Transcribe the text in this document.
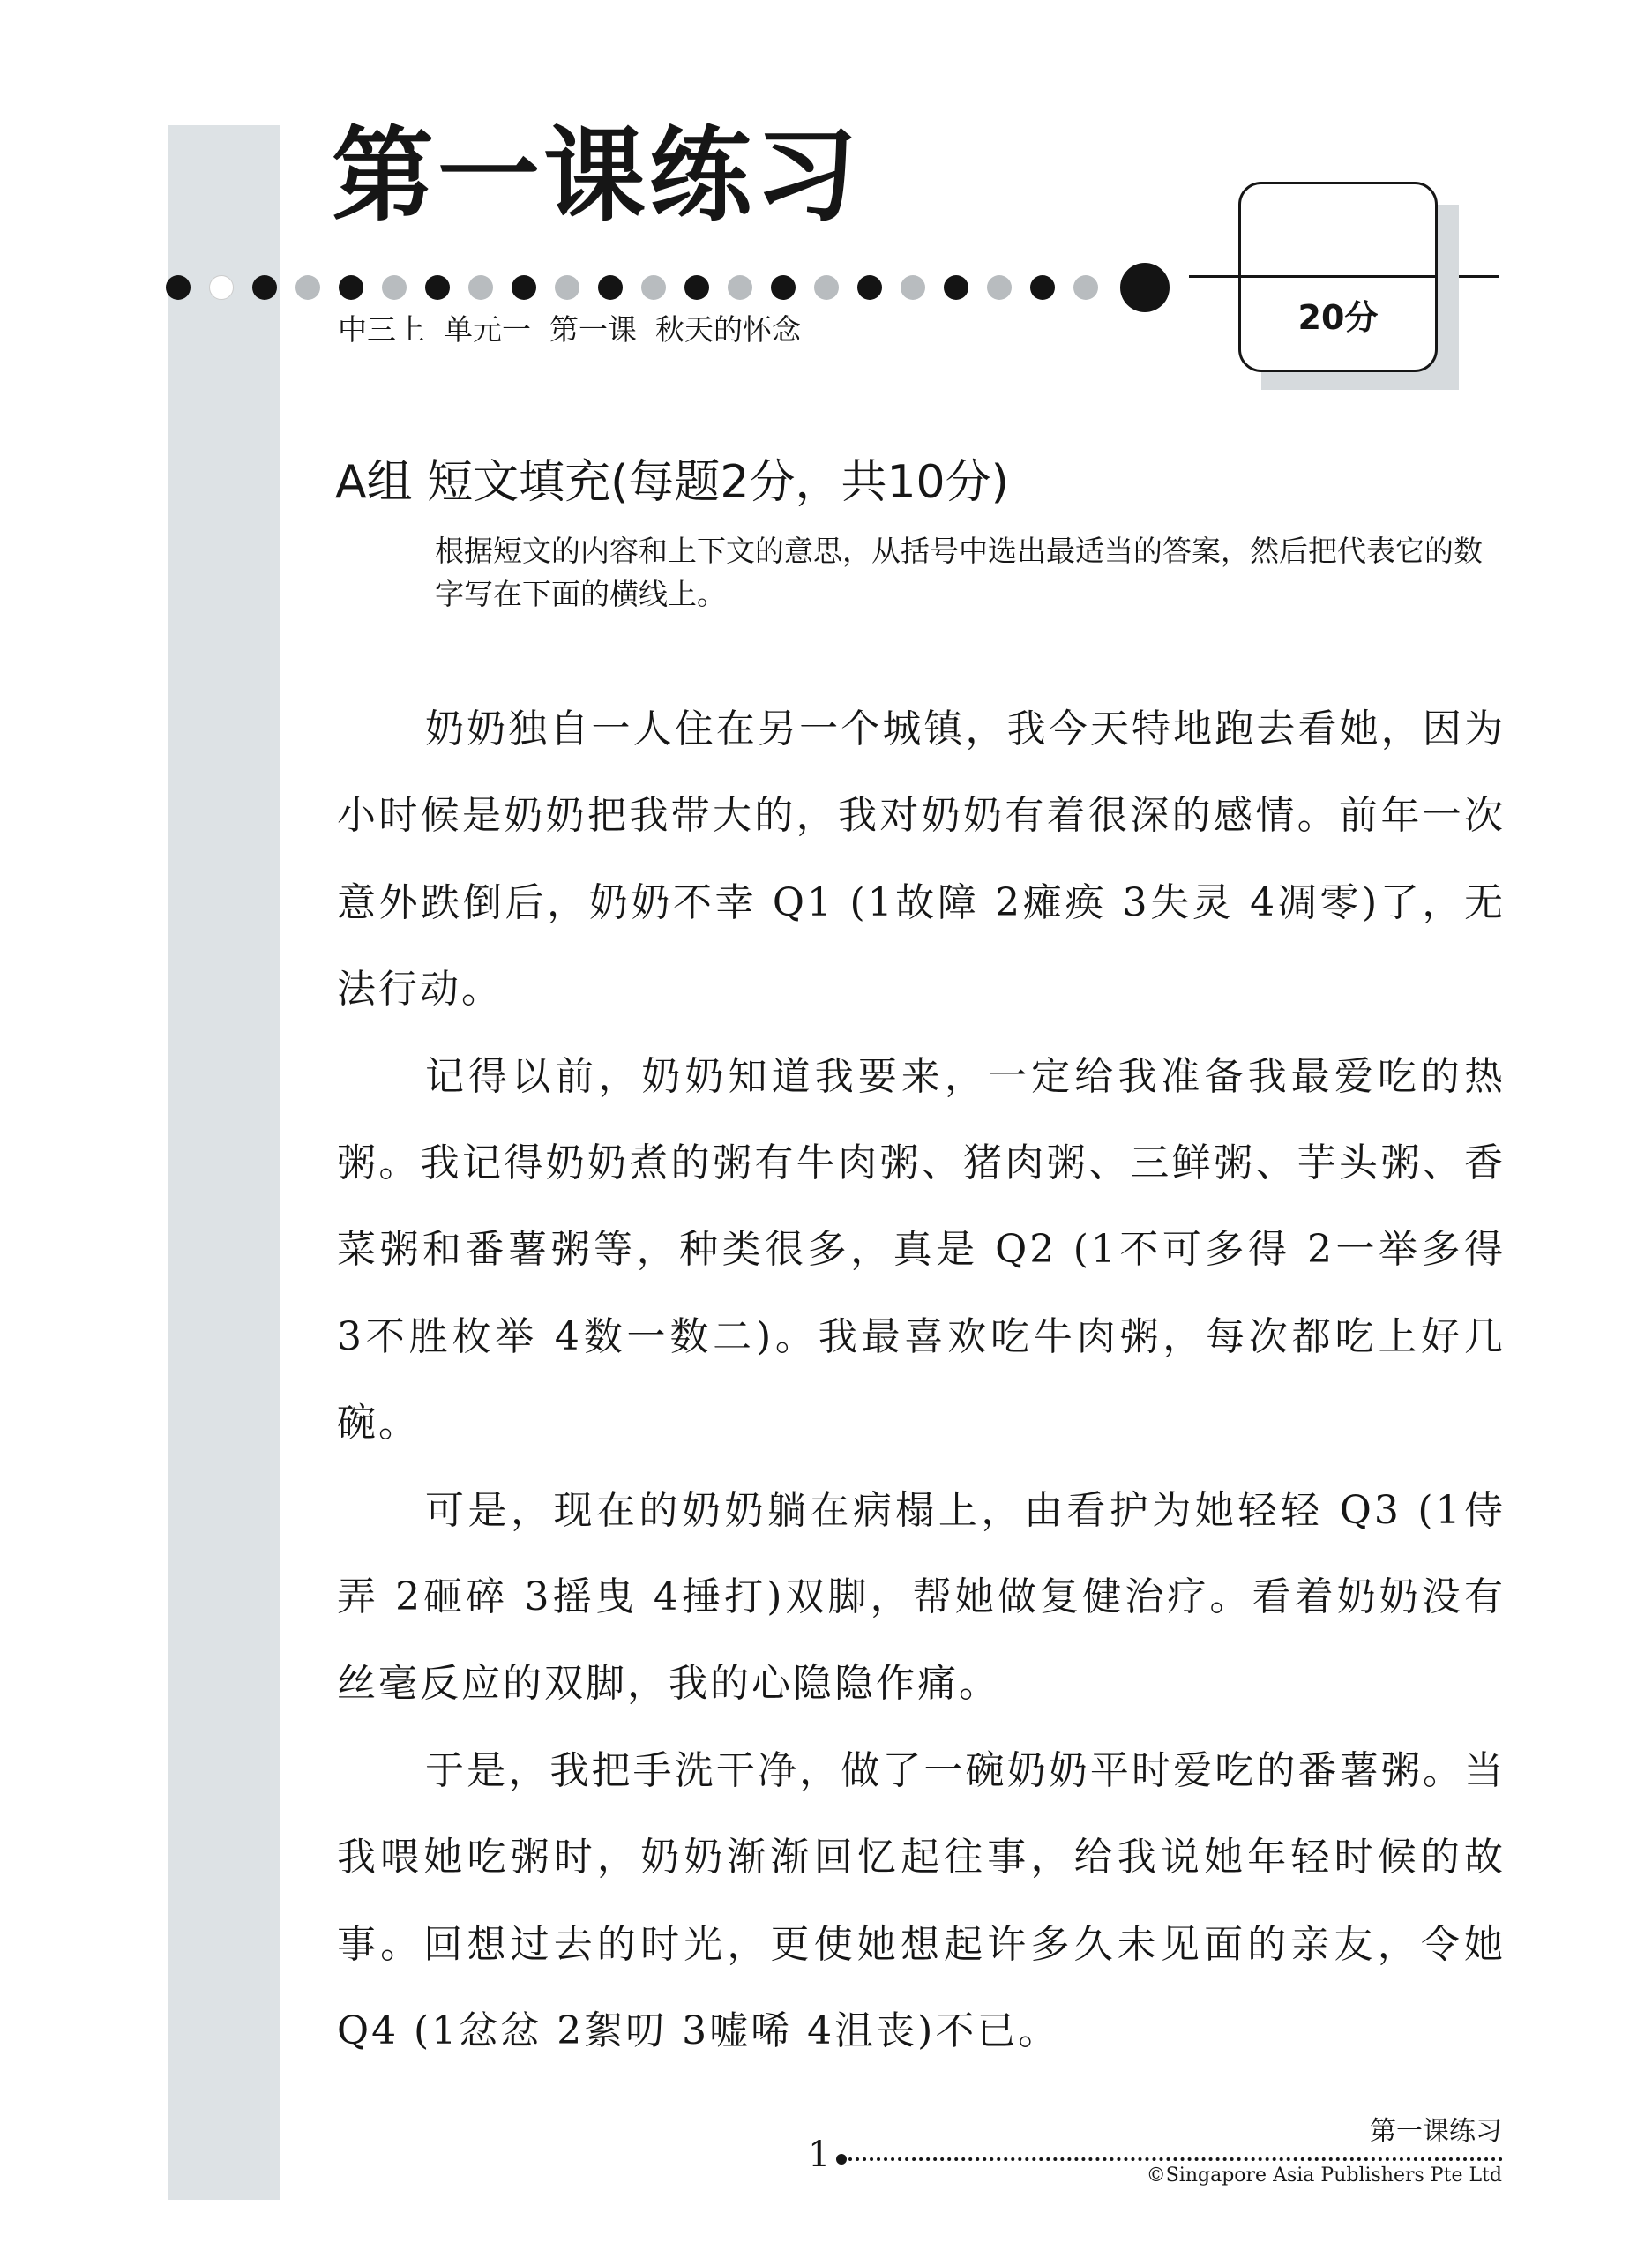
第一课练习
20分
中三上  单元一  第一课  秋天的怀念
A组 短文填充(每题2分，共10分)

根据短文的内容和上下文的意思，从括号中选出最适当的答案，然后把代表它的数字写在下面的横线上。

奶奶独自一人住在另一个城镇，我今天特地跑去看她，因为小时候是奶奶把我带大的，我对奶奶有着很深的感情。前年一次意外跌倒后，奶奶不幸 Q1 (1故障 2瘫痪 3失灵 4凋零)了，无法行动。

记得以前，奶奶知道我要来，一定给我准备我最爱吃的热粥。我记得奶奶煮的粥有牛肉粥、猪肉粥、三鲜粥、芋头粥、香菜粥和番薯粥等，种类很多，真是 Q2 (1不可多得 2一举多得 3不胜枚举 4数一数二)。我最喜欢吃牛肉粥，每次都吃上好几碗。

可是，现在的奶奶躺在病榻上，由看护为她轻轻 Q3 (1侍弄 2砸碎 3摇曳 4捶打)双脚，帮她做复健治疗。看着奶奶没有丝毫反应的双脚，我的心隐隐作痛。

于是，我把手洗干净，做了一碗奶奶平时爱吃的番薯粥。当我喂她吃粥时，奶奶渐渐回忆起往事，给我说她年轻时候的故事。回想过去的时光，更使她想起许多久未见面的亲友，令她 Q4 (1忿忿 2絮叨 3嘘唏 4沮丧)不已。

第一课练习
1
©Singapore Asia Publishers Pte Ltd
